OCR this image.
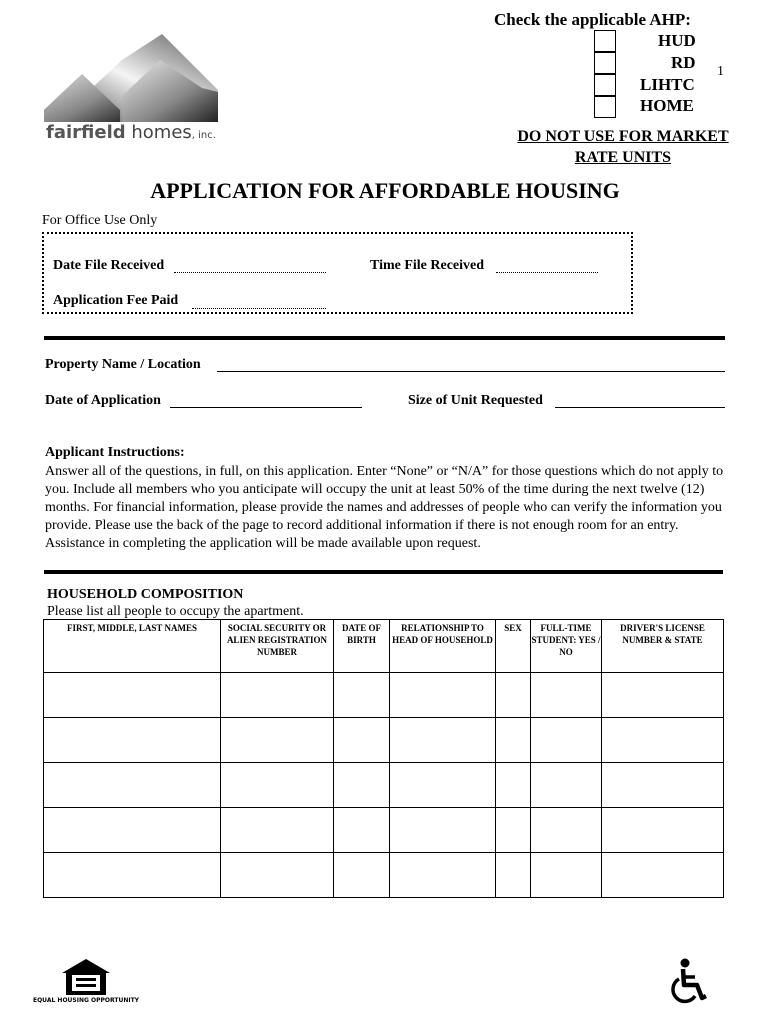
fairfield homes, inc.
Check the applicable AHP:
HUD
RD
LIHTC
HOME
1
DO NOT USE FOR MARKET
RATE UNITS
APPLICATION FOR AFFORDABLE HOUSING
For Office Use Only
Date File Received	Time File Received
Application Fee Paid
Property Name / Location
Date of Application	Size of Unit Requested
Applicant Instructions:
Answer all of the questions, in full, on this application. Enter “None” or “N/A” for those questions which do not apply to you. Include all members who you anticipate will occupy the unit at least 50% of the time during the next twelve (12) months. For financial information, please provide the names and addresses of people who can verify the information you provide. Please use the back of the page to record additional information if there is not enough room for an entry. Assistance in completing the application will be made available upon request.
HOUSEHOLD COMPOSITION
Please list all people to occupy the apartment.
FIRST, MIDDLE, LAST NAMES	SOCIAL SECURITY OR ALIEN REGISTRATION NUMBER	DATE OF BIRTH	RELATIONSHIP TO HEAD OF HOUSEHOLD	SEX	FULL-TIME STUDENT: YES / NO	DRIVER'S LICENSE NUMBER & STATE

EQUAL HOUSING OPPORTUNITY
